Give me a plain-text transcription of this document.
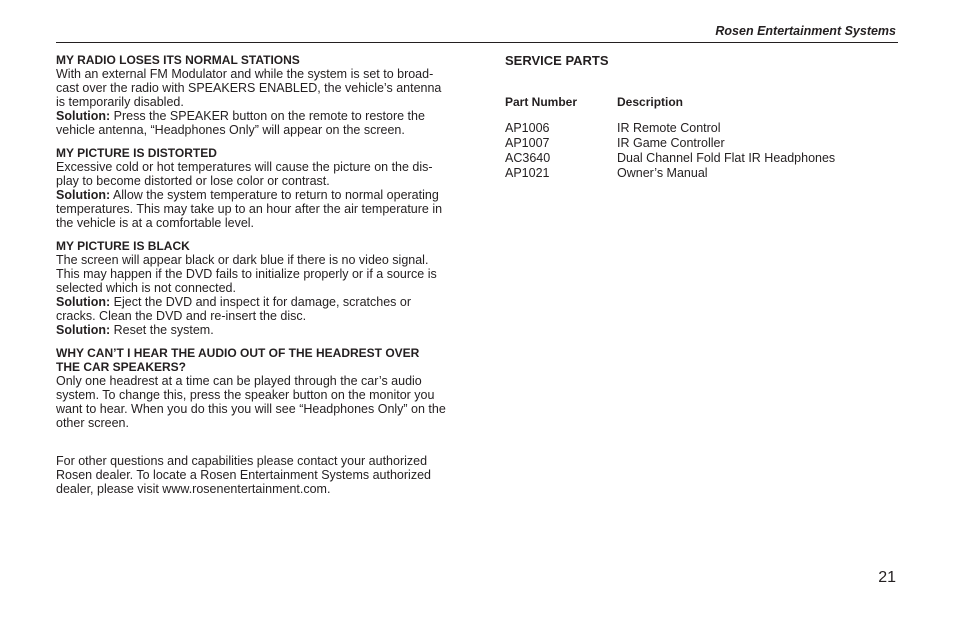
Rosen Entertainment Systems

MY RADIO LOSES ITS NORMAL STATIONS

With an external FM Modulator and while the system is set to broad-

cast over the radio with SPEAKERS ENABLED, the vehicle’s antenna

is temporarily disabled.

Solution: Press the SPEAKER button on the remote to restore the

vehicle antenna, “Headphones Only” will appear on the screen.

MY PICTURE IS DISTORTED

Excessive cold or hot temperatures will cause the picture on the dis-

play to become distorted or lose color or contrast.

Solution: Allow the system temperature to return to normal operating

temperatures. This may take up to an hour after the air temperature in

the vehicle is at a comfortable level.

MY PICTURE IS BLACK

The screen will appear black or dark blue if there is no video signal.

This may happen if the DVD fails to initialize properly or if a source is

selected which is not connected.

Solution: Eject the DVD and inspect it for damage, scratches or

cracks. Clean the DVD and re-insert the disc.

Solution: Reset the system.

WHY CAN’T I HEAR THE AUDIO OUT OF THE HEADREST OVER

THE CAR SPEAKERS?

Only one headrest at a time can be played through the car’s audio

system. To change this, press the speaker button on the monitor you

want to hear. When you do this you will see “Headphones Only” on the

other screen.

For other questions and capabilities please contact your authorized

Rosen dealer. To locate a Rosen Entertainment Systems authorized

dealer, please visit www.rosenentertainment.com.

SERVICE PARTS

Part Number	Description
AP1006	IR Remote Control
AP1007	IR Game Controller
AC3640	Dual Channel Fold Flat IR Headphones
AP1021	Owner’s Manual
21
